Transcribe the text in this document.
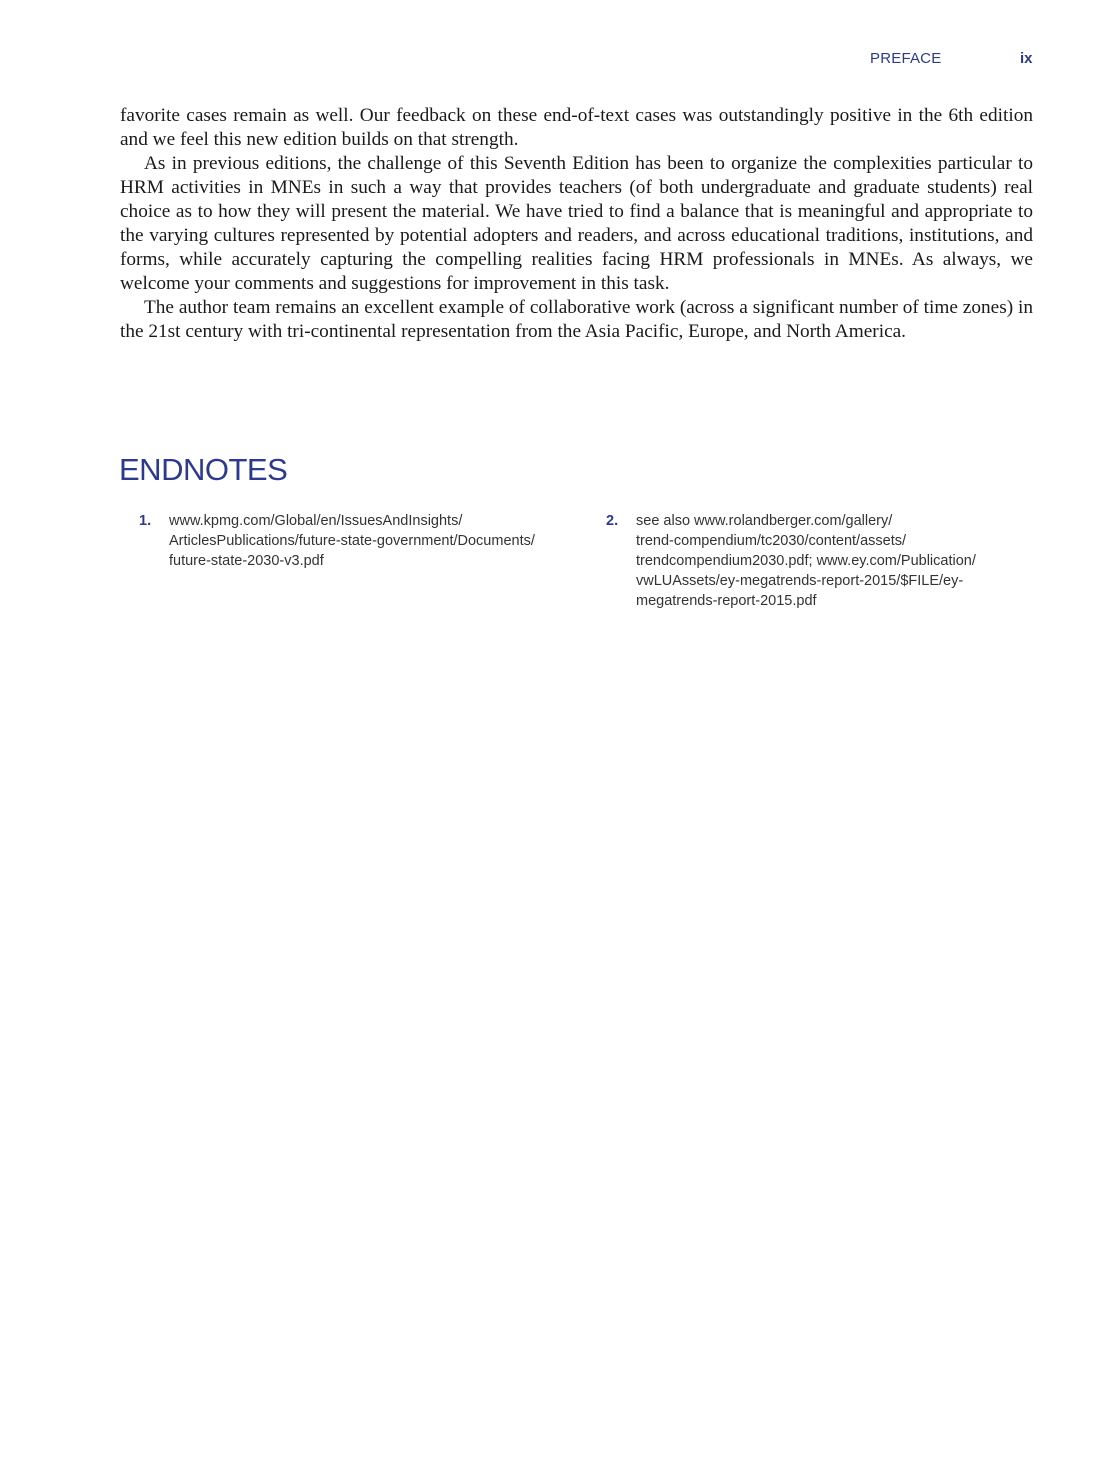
PREFACE	ix

favorite cases remain as well. Our feedback on these end-of-text cases was outstandingly positive in the 6th edition and we feel this new edition builds on that strength.

As in previous editions, the challenge of this Seventh Edition has been to organize the complexities particular to HRM activities in MNEs in such a way that provides teachers (of both undergraduate and graduate students) real choice as to how they will present the material. We have tried to find a balance that is meaningful and appropriate to the varying cultures represented by potential adopters and readers, and across educational traditions, institutions, and forms, while accurately capturing the compelling realities facing HRM professionals in MNEs. As always, we welcome your comments and suggestions for improvement in this task.

The author team remains an excellent example of collaborative work (across a significant number of time zones) in the 21st century with tri-continental representation from the Asia Pacific, Europe, and North America.

ENDNOTES
1. www.kpmg.com/Global/en/IssuesAndInsights/
ArticlesPublications/future-state-government/Documents/
future-state-2030-v3.pdf
2. see also www.rolandberger.com/gallery/
trend-compendium/tc2030/content/assets/
trendcompendium2030.pdf; www.ey.com/Publication/
vwLUAssets/ey-megatrends-report-2015/$FILE/ey-
megatrends-report-2015.pdf
